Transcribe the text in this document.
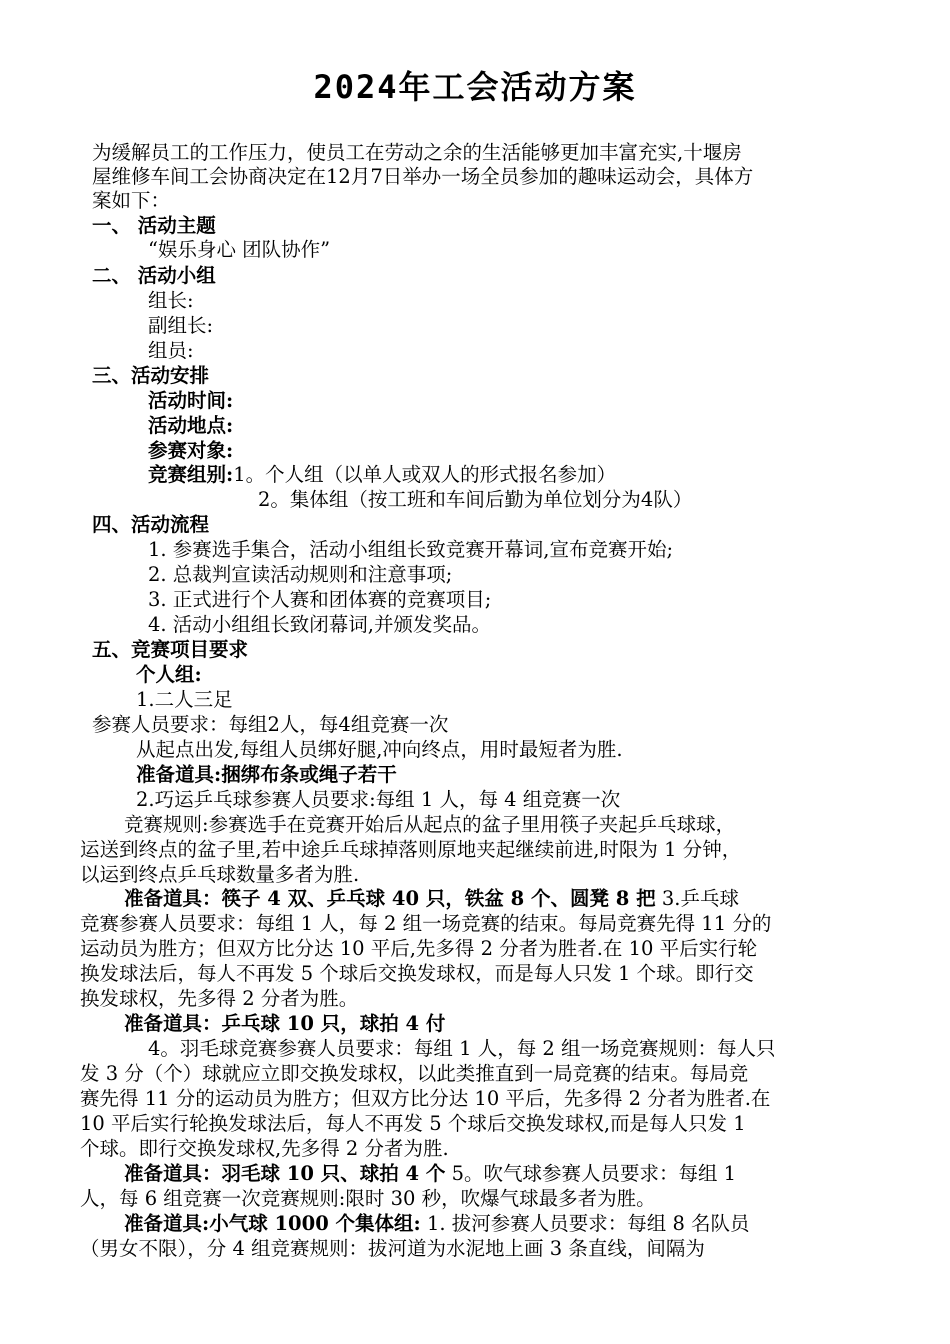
2024年工会活动方案
为缓解员工的工作压力，使员工在劳动之余的生活能够更加丰富充实,十堰房
屋维修车间工会协商决定在12月7日举办一场全员参加的趣味运动会，具体方
案如下：
一、 活动主题
“娱乐身心 团队协作”
二、 活动小组
组长:
副组长:
组员:
三、活动安排
活动时间:
活动地点:
参赛对象:
竞赛组别:1。个人组（以单人或双人的形式报名参加）
2。集体组（按工班和车间后勤为单位划分为4队）
四、活动流程
1. 参赛选手集合，活动小组组长致竞赛开幕词,宣布竞赛开始;
2. 总裁判宣读活动规则和注意事项;
3. 正式进行个人赛和团体赛的竞赛项目;
4. 活动小组组长致闭幕词,并颁发奖品。
五、竞赛项目要求
个人组:
1.二人三足
参赛人员要求：每组2人，每4组竞赛一次
从起点出发,每组人员绑好腿,冲向终点，用时最短者为胜.
准备道具:捆绑布条或绳子若干
2.巧运乒乓球参赛人员要求:每组 1 人，每 4 组竞赛一次
竞赛规则:参赛选手在竞赛开始后从起点的盆子里用筷子夹起乒乓球球，
运送到终点的盆子里,若中途乒乓球掉落则原地夹起继续前进,时限为 1 分钟，
以运到终点乒乓球数量多者为胜.
准备道具：筷子 4 双、乒乓球 40 只，铁盆 8 个、圆凳 8 把 3.乒乓球
竞赛参赛人员要求：每组 1 人，每 2 组一场竞赛的结束。每局竞赛先得 11 分的
运动员为胜方；但双方比分达 10 平后,先多得 2 分者为胜者.在 10 平后实行轮
换发球法后，每人不再发 5 个球后交换发球权，而是每人只发 1 个球。即行交
换发球权，先多得 2 分者为胜。
准备道具：乒乓球 10 只，球拍 4 付
4。羽毛球竞赛参赛人员要求：每组 1 人，每 2 组一场竞赛规则：每人只
发 3 分（个）球就应立即交换发球权，以此类推直到一局竞赛的结束。每局竞
赛先得 11 分的运动员为胜方；但双方比分达 10 平后，先多得 2 分者为胜者.在
10 平后实行轮换发球法后，每人不再发 5 个球后交换发球权,而是每人只发 1
个球。即行交换发球权,先多得 2 分者为胜.
准备道具：羽毛球 10 只、球拍 4 个 5。吹气球参赛人员要求：每组 1
人，每 6 组竞赛一次竞赛规则:限时 30 秒，吹爆气球最多者为胜。
准备道具:小气球 1000 个集体组: 1. 拔河参赛人员要求：每组 8 名队员
（男女不限），分 4 组竞赛规则：拔河道为水泥地上画 3 条直线，间隔为
